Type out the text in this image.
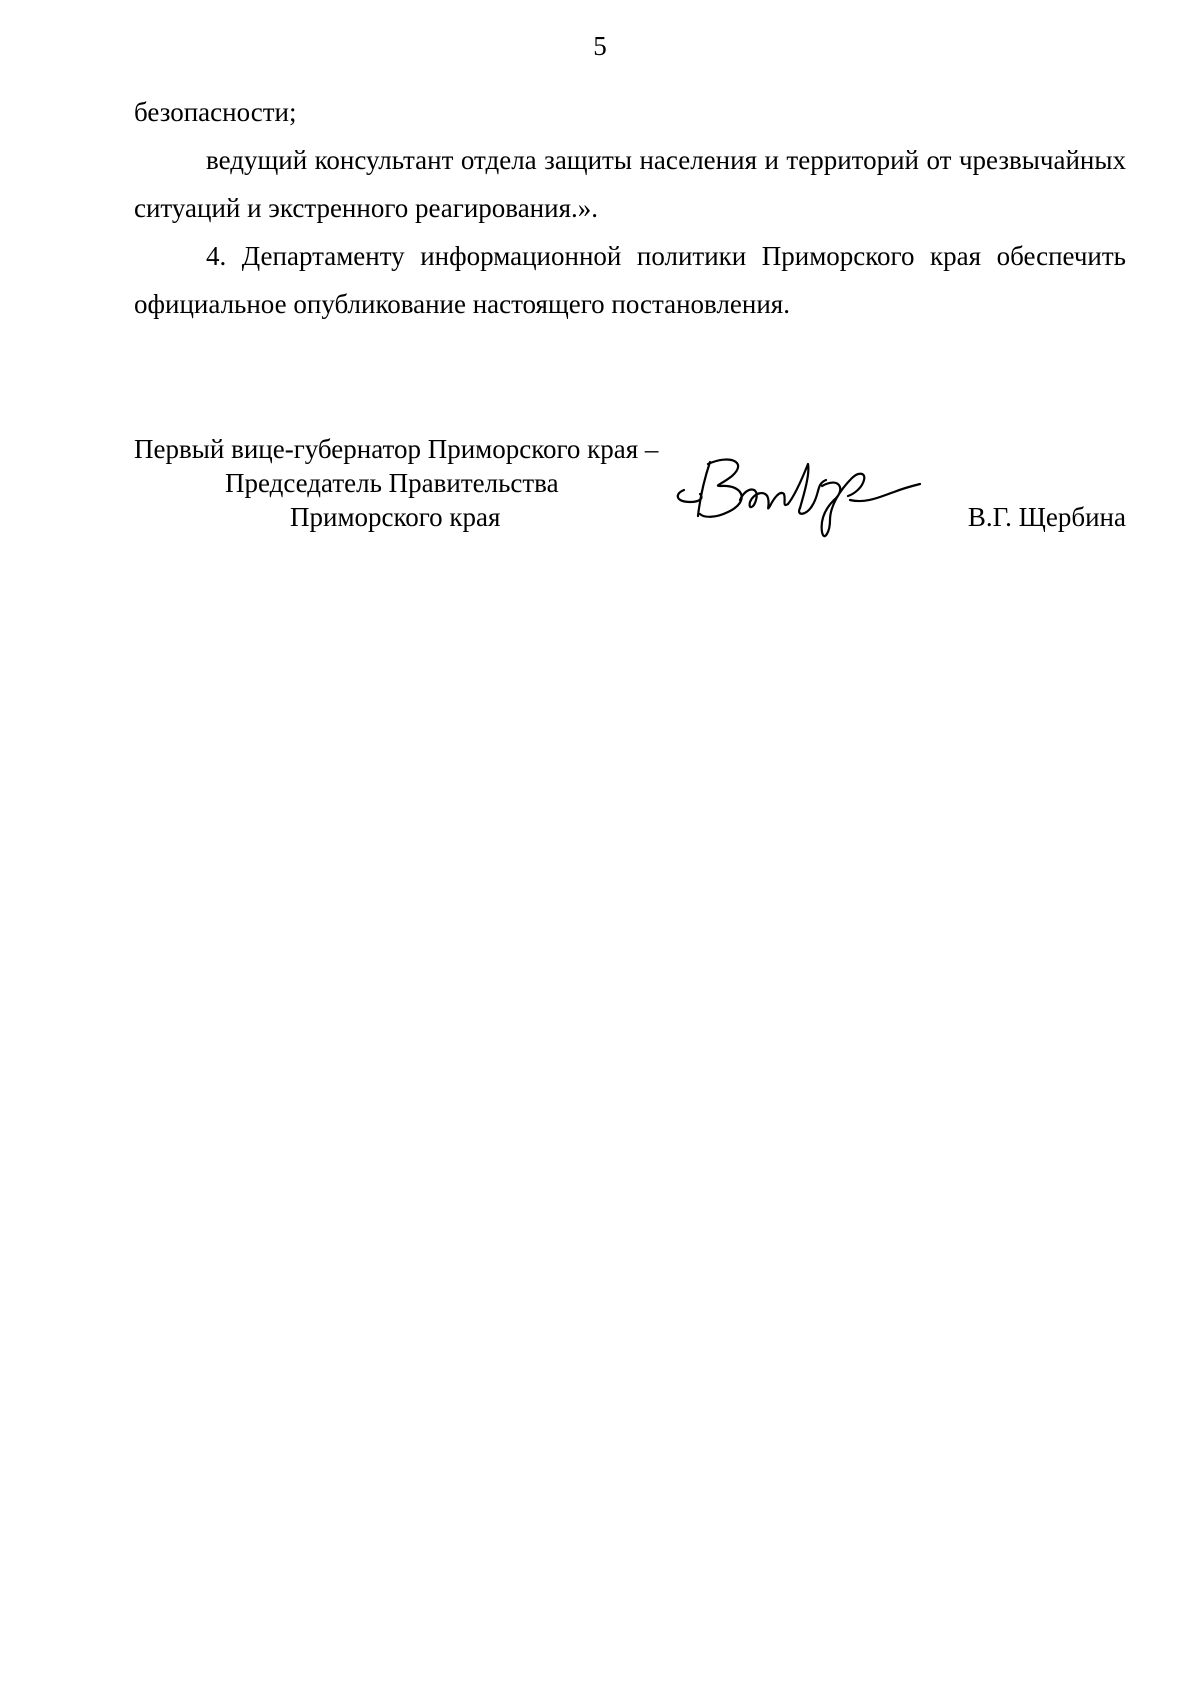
5

безопасности;

ведущий консультант отдела защиты населения и территорий от чрезвычайных ситуаций и экстренного реагирования.».

4. Департаменту информационной политики Приморского края обеспечить официальное опубликование настоящего постановления.

Первый вице-губернатор Приморского края –
Председатель Правительства
Приморского края	В.Г. Щербина
